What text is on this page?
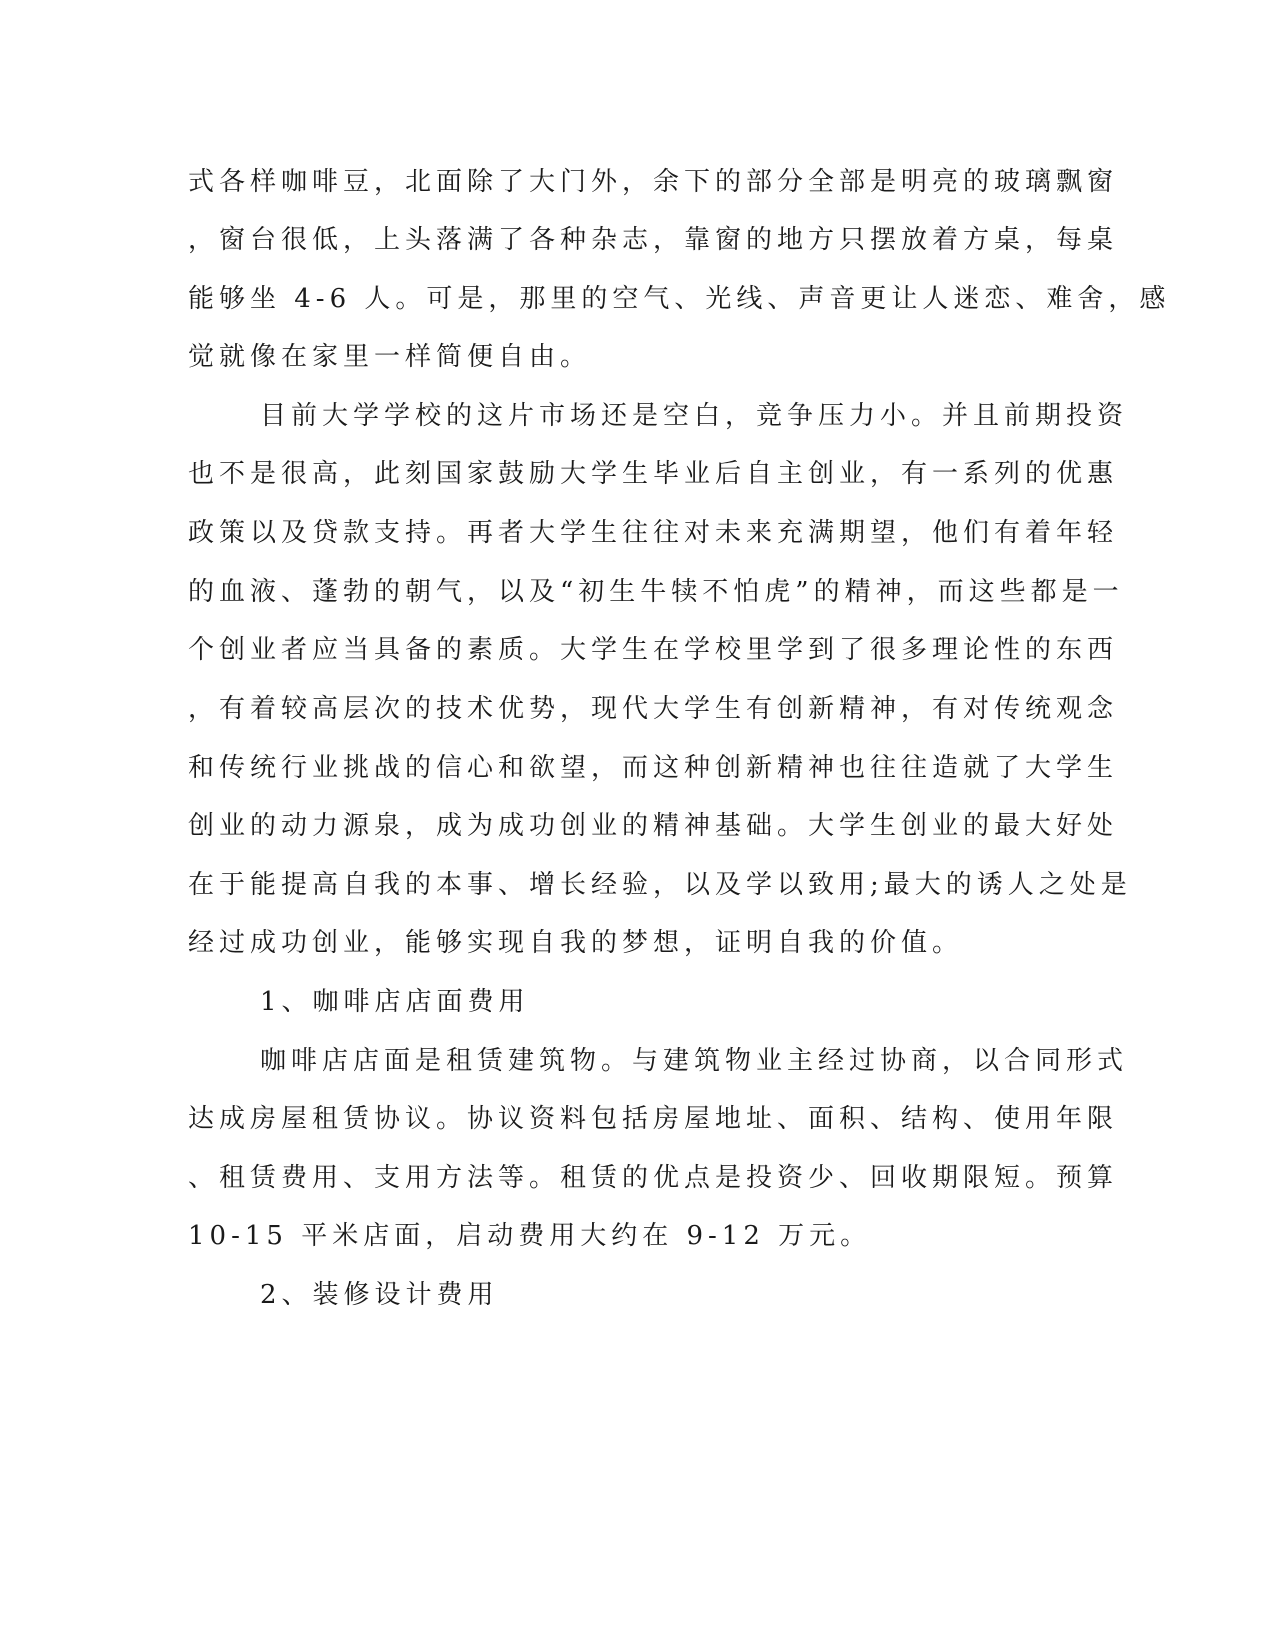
式各样咖啡豆，北面除了大门外，余下的部分全部是明亮的玻璃飘窗
，窗台很低，上头落满了各种杂志，靠窗的地方只摆放着方桌，每桌
能够坐 4-6 人。可是，那里的空气、光线、声音更让人迷恋、难舍，感
觉就像在家里一样简便自由。
目前大学学校的这片市场还是空白，竞争压力小。并且前期投资
也不是很高，此刻国家鼓励大学生毕业后自主创业，有一系列的优惠
政策以及贷款支持。再者大学生往往对未来充满期望，他们有着年轻
的血液、蓬勃的朝气，以及“初生牛犊不怕虎”的精神，而这些都是一
个创业者应当具备的素质。大学生在学校里学到了很多理论性的东西
，有着较高层次的技术优势，现代大学生有创新精神，有对传统观念
和传统行业挑战的信心和欲望，而这种创新精神也往往造就了大学生
创业的动力源泉，成为成功创业的精神基础。大学生创业的最大好处
在于能提高自我的本事、增长经验，以及学以致用;最大的诱人之处是
经过成功创业，能够实现自我的梦想，证明自我的价值。
1、咖啡店店面费用
咖啡店店面是租赁建筑物。与建筑物业主经过协商，以合同形式
达成房屋租赁协议。协议资料包括房屋地址、面积、结构、使用年限
、租赁费用、支用方法等。租赁的优点是投资少、回收期限短。预算
10-15 平米店面，启动费用大约在 9-12 万元。
2、装修设计费用
